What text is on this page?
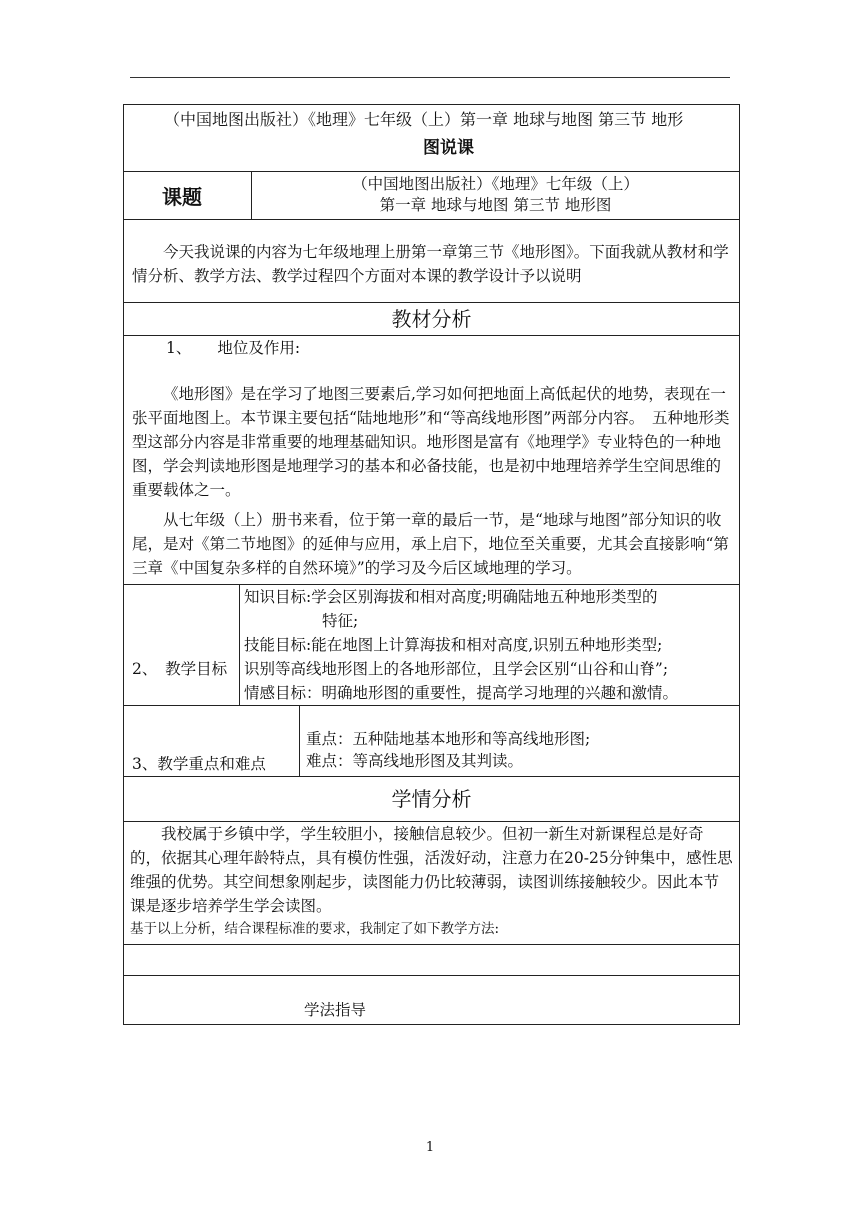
（中国地图出版社）《地理》七年级（上）第一章 地球与地图 第三节 地形
图说课			

课题		（中国地图出版社）《地理》七年级（上）
第一章 地球与地图 第三节 地形图	

今天我说课的内容为七年级地理上册第一章第三节《地形图》。下面我就从教材和学情分析、教学方法、教学过程四个方面对本课的教学设计予以说明			
教材分析			

1、 地位及作用:

《地形图》是在学习了地图三要素后,学习如何把地面上高低起伏的地势，表现在一张平面地图上。本节课主要包括“陆地地形”和“等高线地形图”两部分内容。　五种地形类型这部分内容是非常重要的地理基础知识。地形图是富有《地理学》专业特色的一种地图，学会判读地形图是地理学习的基本和必备技能，也是初中地理培养学生空间思维的重要载体之一。

从七年级（上）册书来看，位于第一章的最后一节，是“地球与地图”部分知识的收尾，是对《第二节地图》的延伸与应用，承上启下，地位至关重要，尤其会直接影响“第三章《中国复杂多样的自然环境》”的学习及今后区域地理的学习。			

2、　教学目标	知识目标:学会区别海拔和相对高度;明确陆地五种地形类型的
特征;
技能目标:能在地图上计算海拔和相对高度,识别五种地形类型;
识别等高线地形图上的各地形部位，且学会区别“山谷和山脊”;
情感目标：明确地形图的重要性，提高学习地理的兴趣和激情。		

3、教学重点和难点			重点：五种陆地基本地形和等高线地形图;
难点：等高线地形图及其判读。

学情分析			

我校属于乡镇中学，学生较胆小，接触信息较少。但初一新生对新课程总是好奇的，依据其心理年龄特点，具有模仿性强，活泼好动，注意力在20-25分钟集中，感性思维强的优势。其空间想象刚起步，读图能力仍比较薄弱，读图训练接触较少。因此本节课是逐步培养学生学会读图。

基于以上分析，结合课程标准的要求，我制定了如下教学方法:			

学法指导			
1
